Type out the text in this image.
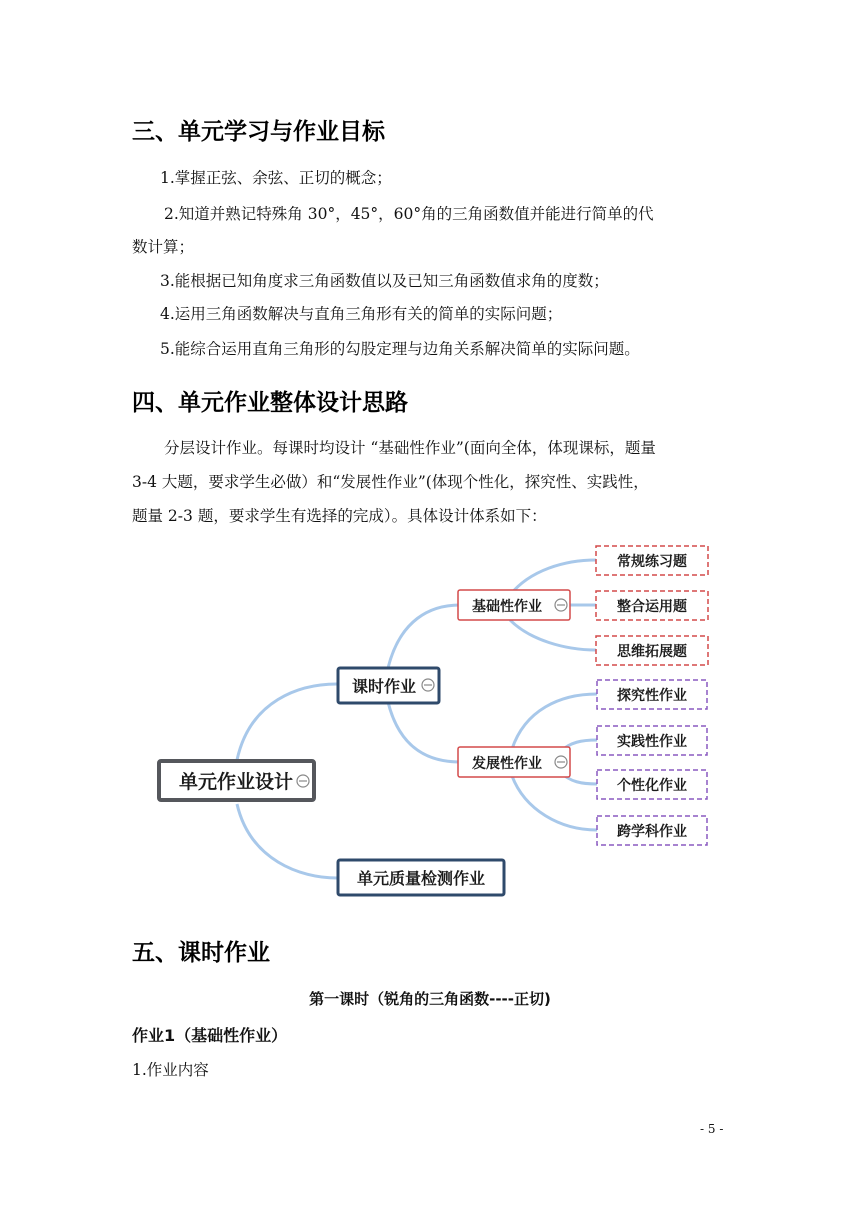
三、单元学习与作业目标
1.掌握正弦、余弦、正切的概念；
2.知道并熟记特殊角 30°，45°，60°角的三角函数值并能进行简单的代
数计算；
3.能根据已知角度求三角函数值以及已知三角函数值求角的度数；
4.运用三角函数解决与直角三角形有关的简单的实际问题；
5.能综合运用直角三角形的勾股定理与边角关系解决简单的实际问题。
四、单元作业整体设计思路
分层设计作业。每课时均设计 “基础性作业”(面向全体，体现课标，题量
3-4 大题，要求学生必做）和“发展性作业”(体现个性化，探究性、实践性，
题量 2-3 题，要求学生有选择的完成）。具体设计体系如下：
单元作业设计
课时作业
单元质量检测作业
基础性作业
发展性作业
常规练习题
整合运用题
思维拓展题
探究性作业
实践性作业
个性化作业
跨学科作业
五、课时作业
第一课时（锐角的三角函数----正切)
作业1（基础性作业）
1.作业内容
- 5 -
